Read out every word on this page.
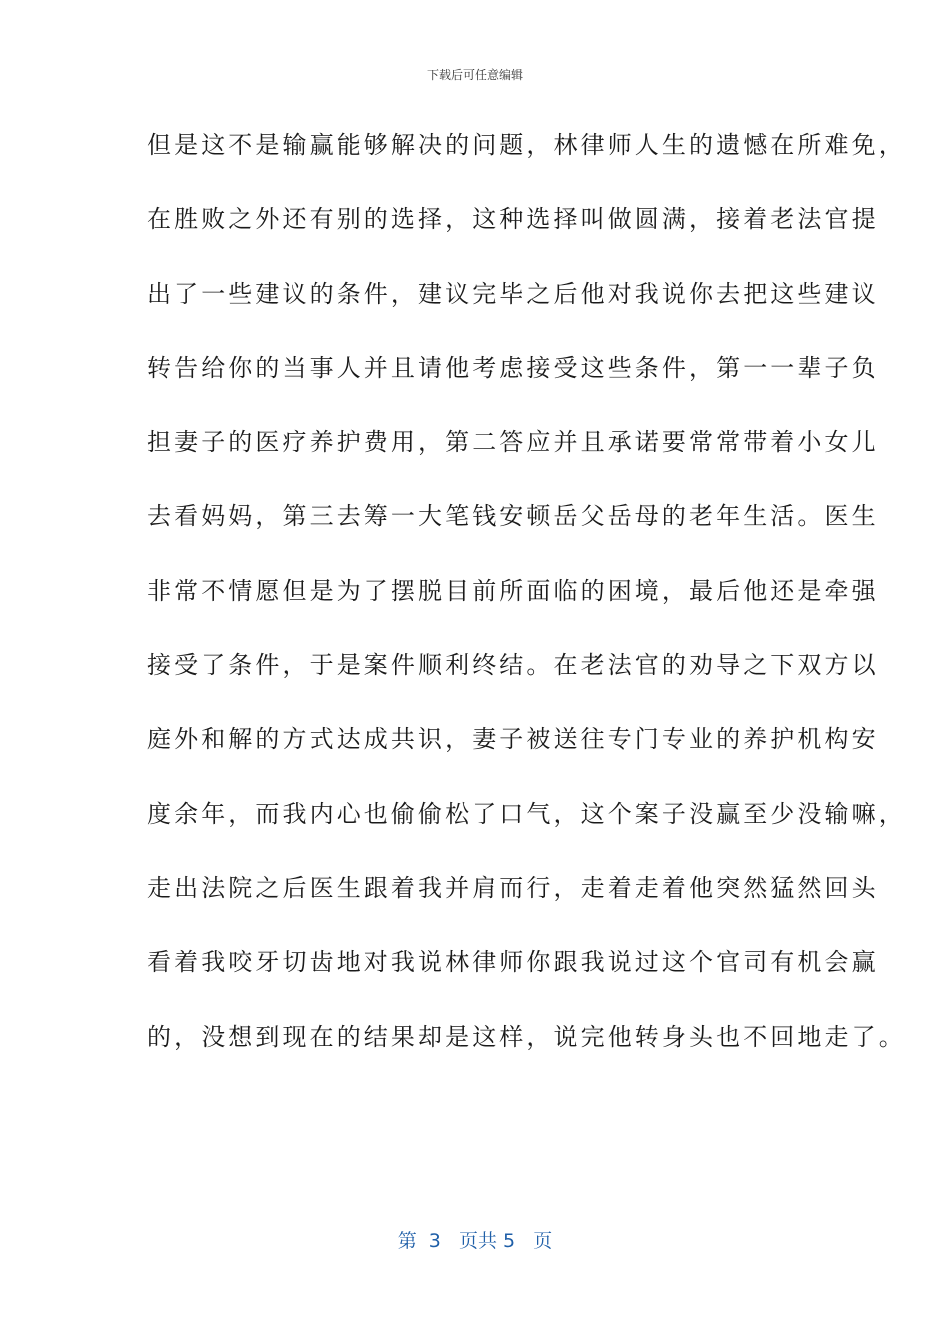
下载后可任意编辑
但是这不是输赢能够解决的问题，林律师人生的遗憾在所难免，
在胜败之外还有别的选择，这种选择叫做圆满，接着老法官提
出了一些建议的条件，建议完毕之后他对我说你去把这些建议
转告给你的当事人并且请他考虑接受这些条件，第一一辈子负
担妻子的医疗养护费用，第二答应并且承诺要常常带着小女儿
去看妈妈，第三去筹一大笔钱安顿岳父岳母的老年生活。医生
非常不情愿但是为了摆脱目前所面临的困境，最后他还是牵强
接受了条件，于是案件顺利终结。在老法官的劝导之下双方以
庭外和解的方式达成共识，妻子被送往专门专业的养护机构安
度余年，而我内心也偷偷松了口气，这个案子没赢至少没输嘛，
走出法院之后医生跟着我并肩而行，走着走着他突然猛然回头
看着我咬牙切齿地对我说林律师你跟我说过这个官司有机会赢
的，没想到现在的结果却是这样，说完他转身头也不回地走了。
第  3   页共 5   页
